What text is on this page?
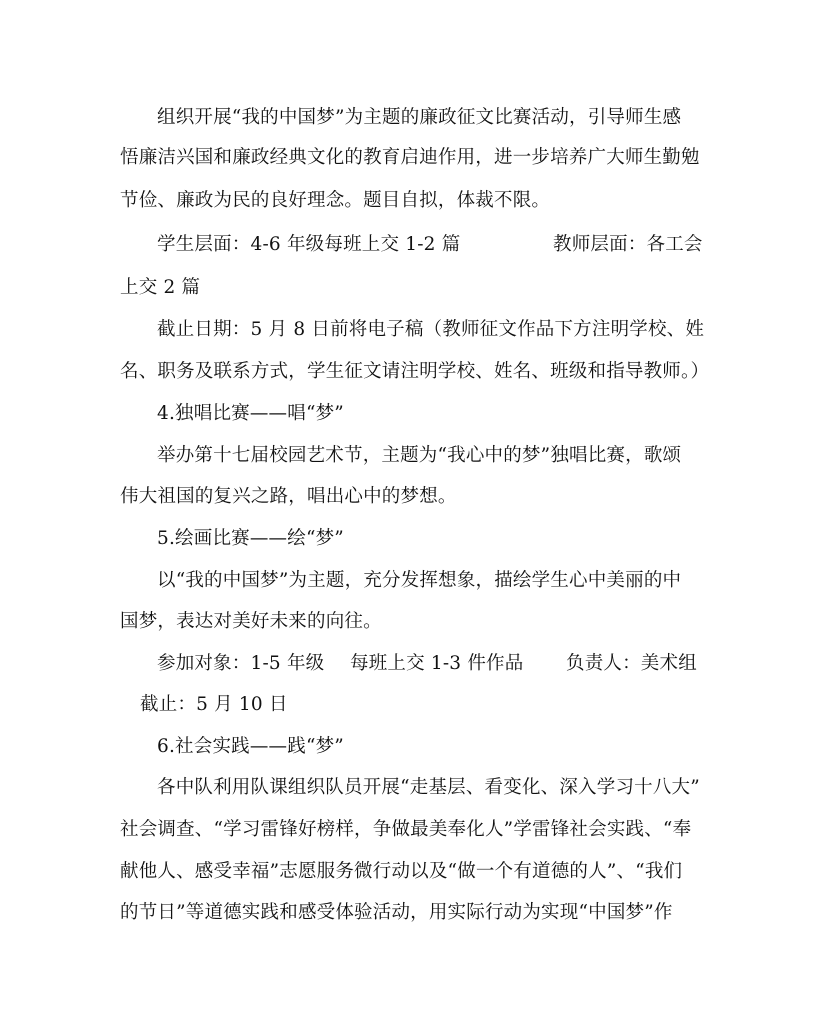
组织开展“我的中国梦”为主题的廉政征文比赛活动，引导师生感
悟廉洁兴国和廉政经典文化的教育启迪作用，进一步培养广大师生勤勉
节俭、廉政为民的良好理念。题目自拟，体裁不限。
学生层面：4-6 年级每班上交 1-2 篇	教师层面：各工会
上交 2 篇
截止日期：5 月 8 日前将电子稿（教师征文作品下方注明学校、姓
名、职务及联系方式，学生征文请注明学校、姓名、班级和指导教师。）
4.独唱比赛——唱“梦”
举办第十七届校园艺术节，主题为“我心中的梦”独唱比赛，歌颂
伟大祖国的复兴之路，唱出心中的梦想。
5.绘画比赛——绘“梦”
以“我的中国梦”为主题，充分发挥想象，描绘学生心中美丽的中
国梦，表达对美好未来的向往。
参加对象：1-5 年级 每班上交 1-3 件作品 负责人：美术组
截止：5 月 10 日
6.社会实践——践“梦”
各中队利用队课组织队员开展“走基层、看变化、深入学习十八大”
社会调查、“学习雷锋好榜样，争做最美奉化人”学雷锋社会实践、“奉
献他人、感受幸福”志愿服务微行动以及“做一个有道德的人”、“我们
的节日”等道德实践和感受体验活动，用实际行动为实现“中国梦”作
